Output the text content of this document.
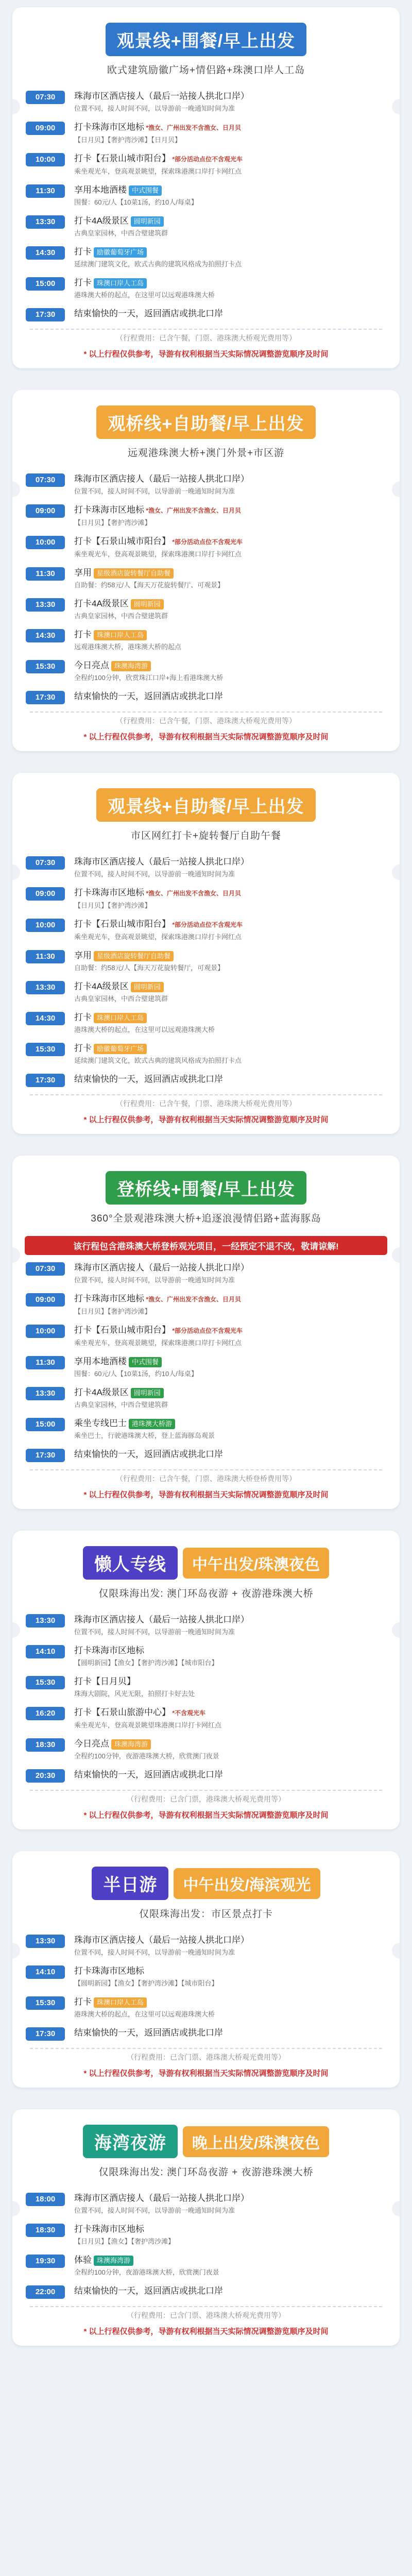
观景线+围餐/早上出发
欧式建筑励徽广场+情侣路+珠澳口岸人工岛
07:30	珠海市区酒店接人（最后一站接人拱北口岸）
位置不同，接人时间不同，以导游前一晚通知时间为准
09:00	打卡珠海市区地标 *渔女、广州出发不含渔女、日月贝
【日月贝】【奢护湾沙滩】【日月贝】
10:00	打卡【石景山城市阳台】 *部分活动点位不含观光车
乘坐观光车，登高观景眺望，探索珠港澳口岸打卡网红点
11:30	享用本地酒楼 中式围餐
围餐：60元/人【10菜1汤，约10人/每桌】
13:30	打卡4A级景区 圆明新园
古典皇家园林，中西合璧建筑群
14:30	打卡 励徽葡萄牙广场
延续澳门建筑文化，欧式古典的建筑风格成为拍照打卡点
15:00	打卡 珠澳口岸人工岛
港珠澳大桥的起点，在这里可以远观港珠澳大桥
17:30	结束愉快的一天，返回酒店或拱北口岸
（行程费用：已含午餐，门票、港珠澳大桥观光费用等）
* 以上行程仅供参考，导游有权利根据当天实际情况调整游览顺序及时间
观桥线+自助餐/早上出发
远观港珠澳大桥+澳门外景+市区游
07:30	珠海市区酒店接人（最后一站接人拱北口岸）
位置不同，接人时间不同，以导游前一晚通知时间为准
09:00	打卡珠海市区地标 *渔女、广州出发不含渔女、日月贝
【日月贝】【奢护湾沙滩】
10:00	打卡【石景山城市阳台】 *部分活动点位不含观光车
乘坐观光车，登高观景眺望，探索珠港澳口岸打卡网红点
11:30	享用 星级酒店旋转餐厅自助餐
自助餐：约58元/人【海天万花旋转餐厅、可观景】
13:30	打卡4A级景区 圆明新园
古典皇家园林，中西合璧建筑群
14:30	打卡 珠澳口岸人工岛
远观港珠澳大桥，港珠澳大桥的起点
15:30	今日亮点 珠澳海湾游
全程约100分钟，欣赏珠江口岸+海上看港珠澳大桥
17:30	结束愉快的一天，返回酒店或拱北口岸
（行程费用：已含午餐，门票、港珠澳大桥观光费用等）
* 以上行程仅供参考，导游有权利根据当天实际情况调整游览顺序及时间
观景线+自助餐/早上出发
市区网红打卡+旋转餐厅自助午餐
07:30	珠海市区酒店接人（最后一站接人拱北口岸）
位置不同，接人时间不同，以导游前一晚通知时间为准
09:00	打卡珠海市区地标 *渔女、广州出发不含渔女、日月贝
【日月贝】【奢护湾沙滩】
10:00	打卡【石景山城市阳台】 *部分活动点位不含观光车
乘坐观光车，登高观景眺望，探索珠港澳口岸打卡网红点
11:30	享用 星级酒店旋转餐厅自助餐
自助餐：约58元/人【海天万花旋转餐厅，可观景】
13:30	打卡4A级景区 圆明新园
古典皇家园林，中西合璧建筑群
14:30	打卡 珠澳口岸人工岛
港珠澳大桥的起点，在这里可以远观港珠澳大桥
15:30	打卡 励徽葡萄牙广场
延续澳门建筑文化，欧式古典的建筑风格成为拍照打卡点
17:30	结束愉快的一天，返回酒店或拱北口岸
（行程费用：已含午餐，门票、港珠澳大桥观光费用等）
* 以上行程仅供参考，导游有权利根据当天实际情况调整游览顺序及时间
登桥线+围餐/早上出发
360°全景观港珠澳大桥+追逐浪漫情侣路+蓝海豚岛
该行程包含港珠澳大桥登桥观光项目，一经预定不退不改，敬请谅解!
07:30	珠海市区酒店接人（最后一站接人拱北口岸）
位置不同，接人时间不同，以导游前一晚通知时间为准
09:00	打卡珠海市区地标 *渔女、广州出发不含渔女、日月贝
【日月贝】【奢护湾沙滩】
10:00	打卡【石景山城市阳台】 *部分活动点位不含观光车
乘坐观光车，登高观景眺望，探索珠港澳口岸打卡网红点
11:30	享用本地酒楼 中式围餐
围餐：60元/人【10菜1汤，约10人/每桌】
13:30	打卡4A级景区 圆明新园
古典皇家园林，中西合璧建筑群
15:00	乘坐专线巴士 港珠澳大桥游
乘坐巴士，行驶港珠澳大桥，登上蓝海豚岛观景
17:30	结束愉快的一天，返回酒店或拱北口岸
（行程费用：已含午餐，门票、港珠澳大桥登桥费用等）
* 以上行程仅供参考，导游有权利根据当天实际情况调整游览顺序及时间
懒人专线	中午出发/珠澳夜色
仅限珠海出发: 澳门环岛夜游 + 夜游港珠澳大桥
13:30	珠海市区酒店接人（最后一站接人拱北口岸）
位置不同，接人时间不同，以导游前一晚通知时间为准
14:10	打卡珠海市区地标
【圆明新园】【渔女】【奢护湾沙滩】【城市阳台】
15:30	打卡【日月贝】
珠海大剧院，风光无限，拍照打卡好去处
16:20	打卡【石景山旅游中心】 *不含观光车
乘坐观光车，登高观景眺望珠港澳口岸打卡网红点
18:30	今日亮点 珠澳海湾游
全程约100分钟，夜游港珠澳大桥，欣赏澳门夜景
20:30	结束愉快的一天，返回酒店或拱北口岸
（行程费用：已含门票，港珠澳大桥观光费用等）
* 以上行程仅供参考，导游有权利根据当天实际情况调整游览顺序及时间
半日游	中午出发/海滨观光
仅限珠海出发：市区景点打卡
13:30	珠海市区酒店接人（最后一站接人拱北口岸）
位置不同，接人时间不同，以导游前一晚通知时间为准
14:10	打卡珠海市区地标
【圆明新园】【渔女】【奢护湾沙滩】【城市阳台】
15:30	打卡 珠澳口岸人工岛
港珠澳大桥的起点，在这里可以远观港珠澳大桥
17:30	结束愉快的一天，返回酒店或拱北口岸
（行程费用：已含门票、港珠澳大桥观光费用等）
* 以上行程仅供参考，导游有权利根据当天实际情况调整游览顺序及时间
海湾夜游	晚上出发/珠澳夜色
仅限珠海出发: 澳门环岛夜游 + 夜游港珠澳大桥
18:00	珠海市区酒店接人（最后一站接人拱北口岸）
位置不同，接人时间不同，以导游前一晚通知时间为准
18:30	打卡珠海市区地标
【日月贝】【渔女】【奢护湾沙滩】
19:30	体验 珠澳海湾游
全程约100分钟，夜游港珠澳大桥，欣赏澳门夜景
22:00	结束愉快的一天，返回酒店或拱北口岸
（行程费用：已含门票、港珠澳大桥观光费用等）
* 以上行程仅供参考，导游有权利根据当天实际情况调整游览顺序及时间
